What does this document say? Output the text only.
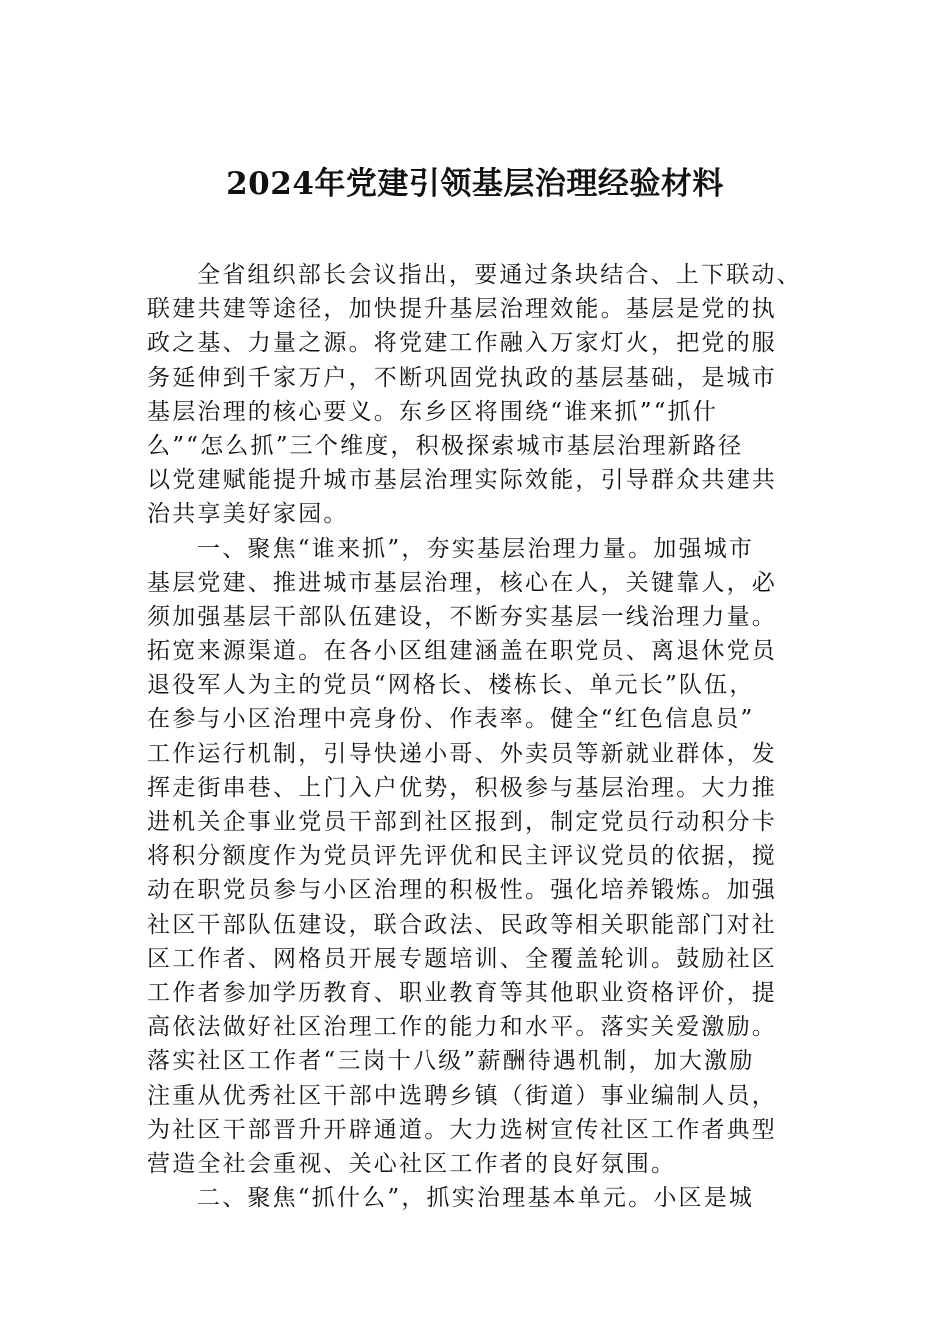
2024年党建引领基层治理经验材料
全省组织部长会议指出，要通过条块结合、上下联动、
联建共建等途径，加快提升基层治理效能。基层是党的执
政之基、力量之源。将党建工作融入万家灯火，把党的服
务延伸到千家万户，不断巩固党执政的基层基础，是城市
基层治理的核心要义。东乡区将围绕“谁来抓”“抓什
么”“怎么抓”三个维度，积极探索城市基层治理新路径
以党建赋能提升城市基层治理实际效能，引导群众共建共
治共享美好家园。
一、聚焦“谁来抓”，夯实基层治理力量。加强城市
基层党建、推进城市基层治理，核心在人，关键靠人，必
须加强基层干部队伍建设，不断夯实基层一线治理力量。
拓宽来源渠道。在各小区组建涵盖在职党员、离退休党员
退役军人为主的党员“网格长、楼栋长、单元长”队伍，
在参与小区治理中亮身份、作表率。健全“红色信息员”
工作运行机制，引导快递小哥、外卖员等新就业群体，发
挥走街串巷、上门入户优势，积极参与基层治理。大力推
进机关企事业党员干部到社区报到，制定党员行动积分卡
将积分额度作为党员评先评优和民主评议党员的依据，搅
动在职党员参与小区治理的积极性。强化培养锻炼。加强
社区干部队伍建设，联合政法、民政等相关职能部门对社
区工作者、网格员开展专题培训、全覆盖轮训。鼓励社区
工作者参加学历教育、职业教育等其他职业资格评价，提
高依法做好社区治理工作的能力和水平。落实关爱激励。
落实社区工作者“三岗十八级”薪酬待遇机制，加大激励
注重从优秀社区干部中选聘乡镇（街道）事业编制人员，
为社区干部晋升开辟通道。大力选树宣传社区工作者典型
营造全社会重视、关心社区工作者的良好氛围。
二、聚焦“抓什么”，抓实治理基本单元。小区是城
